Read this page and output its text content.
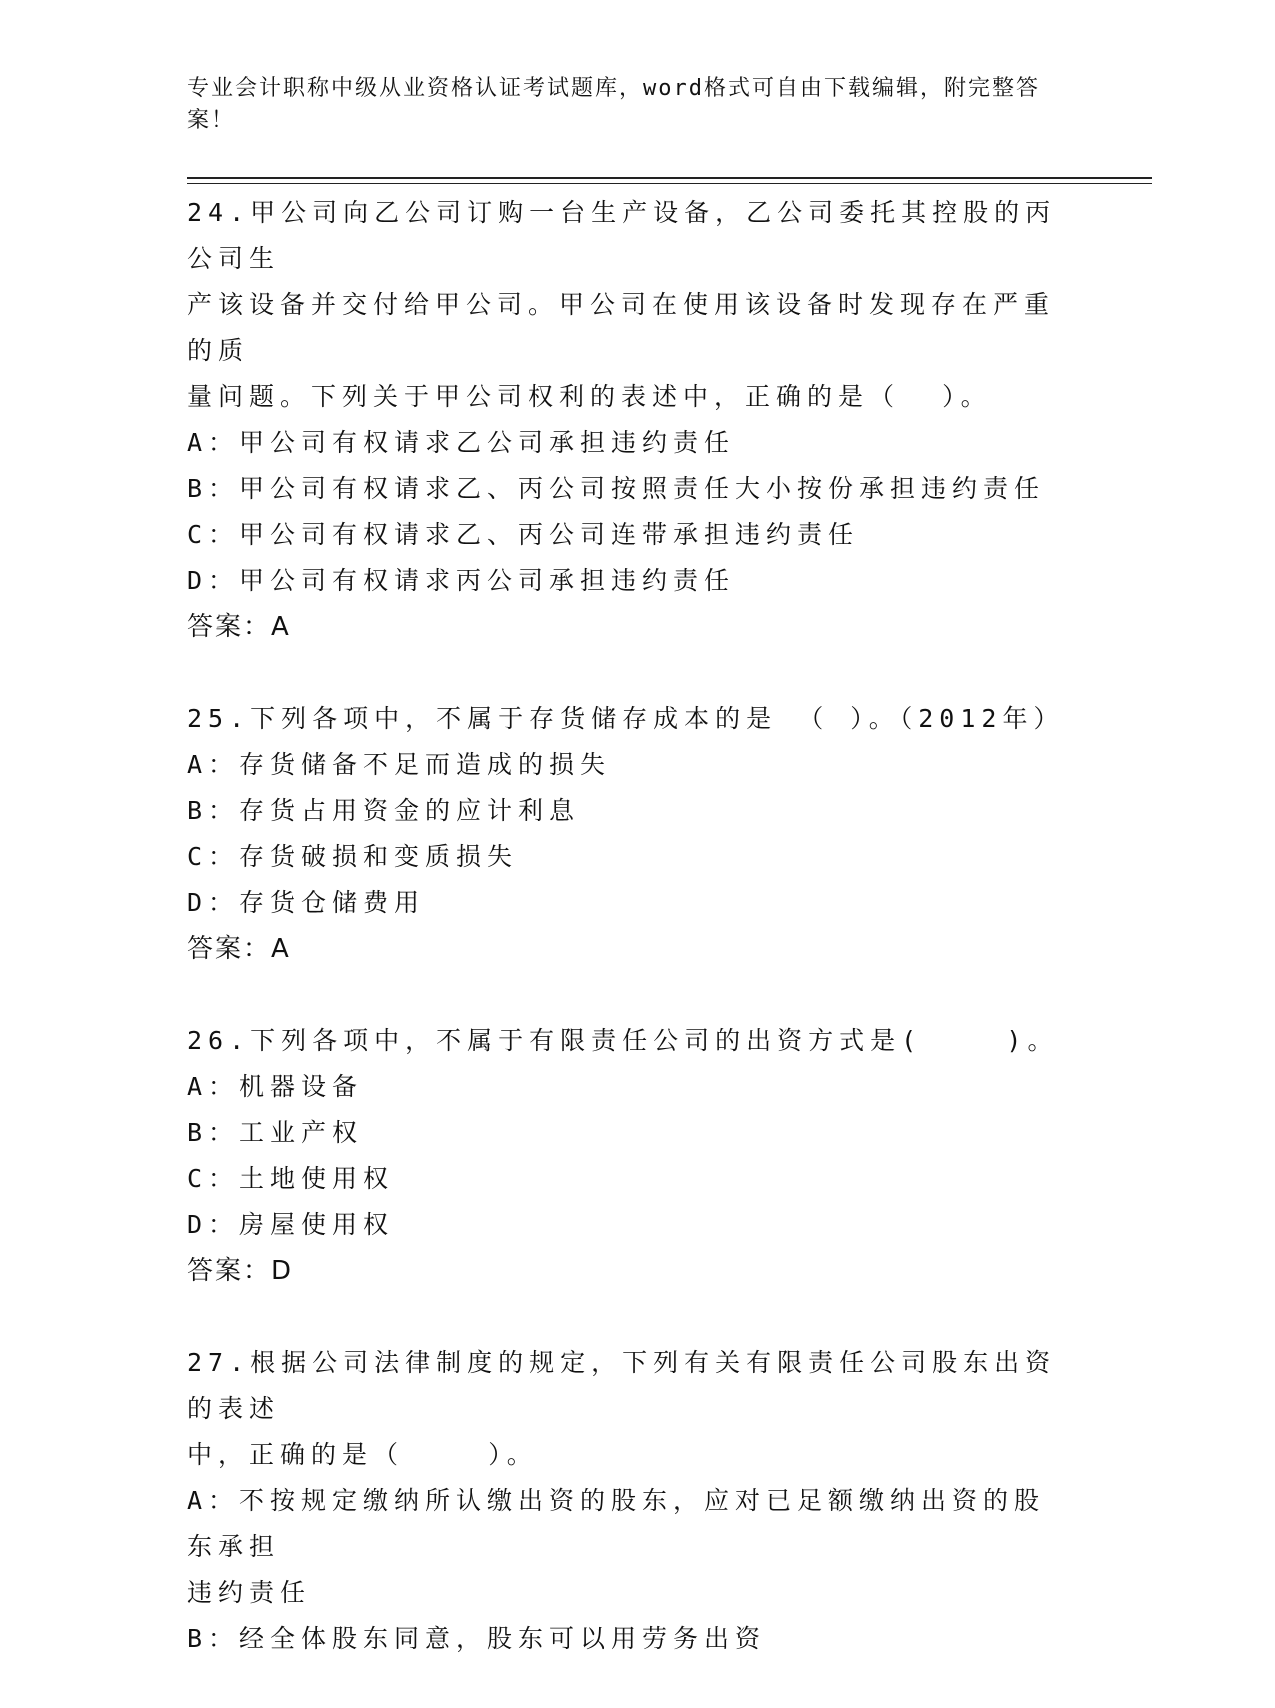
专业会计职称中级从业资格认证考试题库，word格式可自由下载编辑，附完整答案！
24.甲公司向乙公司订购一台生产设备，乙公司委托其控股的丙公司生
产该设备并交付给甲公司。甲公司在使用该设备时发现存在严重的质
量问题。下列关于甲公司权利的表述中，正确的是（  ）。
A：甲公司有权请求乙公司承担违约责任
B：甲公司有权请求乙、丙公司按照责任大小按份承担违约责任
C：甲公司有权请求乙、丙公司连带承担违约责任
D：甲公司有权请求丙公司承担违约责任
答案：A
25.下列各项中，不属于存货储存成本的是 （ ）。（2012年）
A：存货储备不足而造成的损失
B：存货占用资金的应计利息
C：存货破损和变质损失
D：存货仓储费用
答案：A
26.下列各项中，不属于有限责任公司的出资方式是(    )。
A：机器设备
B：工业产权
C：土地使用权
D：房屋使用权
答案：D
27.根据公司法律制度的规定，下列有关有限责任公司股东出资的表述
中，正确的是（    ）。
A：不按规定缴纳所认缴出资的股东，应对已足额缴纳出资的股东承担
违约责任
B：经全体股东同意，股东可以用劳务出资
